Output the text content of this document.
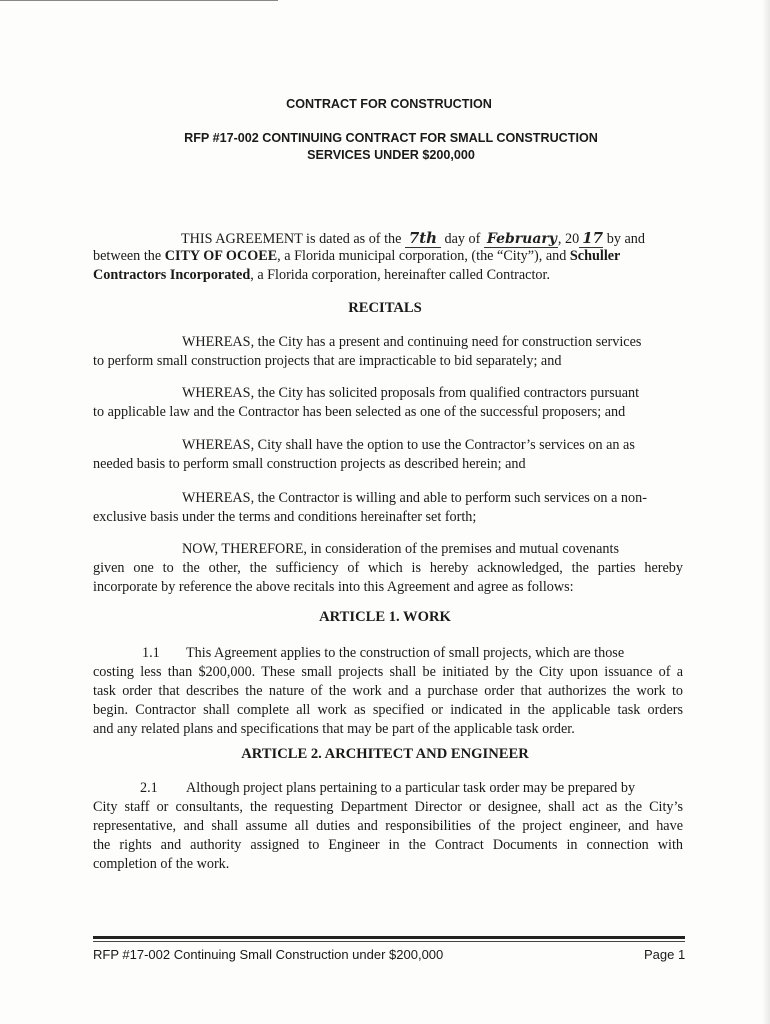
CONTRACT FOR CONSTRUCTION
RFP #17-002 CONTINUING CONTRACT FOR SMALL CONSTRUCTION
SERVICES UNDER $200,000
THIS AGREEMENT is dated as of the 7th day of February, 20 17 by and
between the CITY OF OCOEE, a Florida municipal corporation, (the “City”), and Schuller
Contractors Incorporated, a Florida corporation, hereinafter called Contractor.
RECITALS
WHEREAS, the City has a present and continuing need for construction services
to perform small construction projects that are impracticable to bid separately; and
WHEREAS, the City has solicited proposals from qualified contractors pursuant
to applicable law and the Contractor has been selected as one of the successful proposers; and
WHEREAS, City shall have the option to use the Contractor’s services on an as
needed basis to perform small construction projects as described herein; and
WHEREAS, the Contractor is willing and able to perform such services on a non-
exclusive basis under the terms and conditions hereinafter set forth;
NOW, THEREFORE, in consideration of the premises and mutual covenants
given one to the other, the sufficiency of which is hereby acknowledged, the parties hereby
incorporate by reference the above recitals into this Agreement and agree as follows:
ARTICLE 1. WORK
1.1 This Agreement applies to the construction of small projects, which are those
costing less than $200,000. These small projects shall be initiated by the City upon issuance of a
task order that describes the nature of the work and a purchase order that authorizes the work to
begin. Contractor shall complete all work as specified or indicated in the applicable task orders
and any related plans and specifications that may be part of the applicable task order.
ARTICLE 2. ARCHITECT AND ENGINEER
2.1 Although project plans pertaining to a particular task order may be prepared by
City staff or consultants, the requesting Department Director or designee, shall act as the City’s
representative, and shall assume all duties and responsibilities of the project engineer, and have
the rights and authority assigned to Engineer in the Contract Documents in connection with
completion of the work.
RFP #17-002 Continuing Small Construction under $200,000	Page 1
